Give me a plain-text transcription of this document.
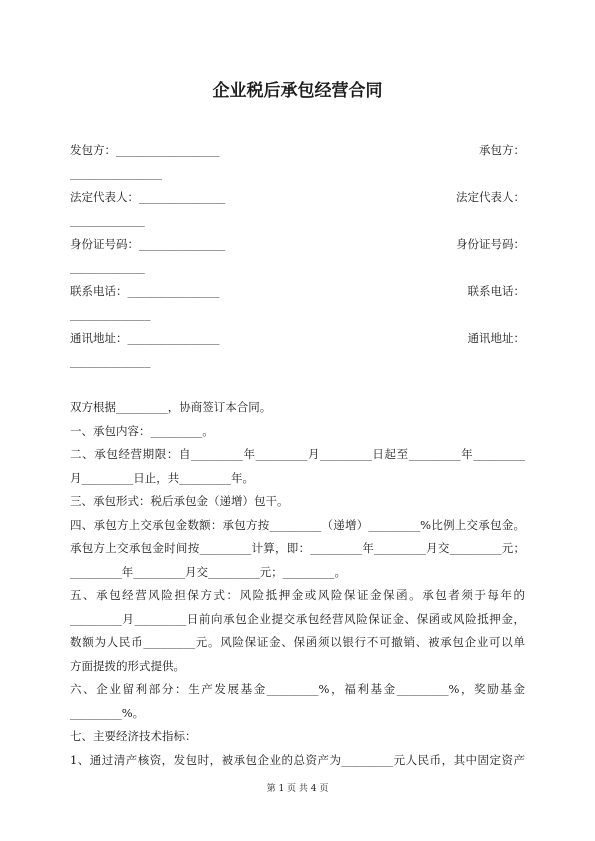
企业税后承包经营合同
发包方：__________________	承包方：
________________
法定代表人：_______________	法定代表人：
_____________
身份证号码：_______________	身份证号码：
_____________
联系电话：________________	联系电话：
______________
通讯地址：________________	通讯地址：
______________

双方根据_________，协商签订本合同。

一、承包内容：_________。

二、承包经营期限：自_________年_________月_________日起至_________年_________

月_________日止，共_________年。

三、承包形式：税后承包金（递增）包干。

四、承包方上交承包金数额：承包方按_________（递增）_________%比例上交承包金。

承包方上交承包金时间按_________计算，即：_________年_________月交_________元；

_________年_________月交_________元；_________。

五、承包经营风险担保方式：风险抵押金或风险保证金保函。承包者须于每年的

_________月_________日前向承包企业提交承包经营风险保证金、保函或风险抵押金，

数额为人民币_________元。风险保证金、保函须以银行不可撤销、被承包企业可以单

方面提拨的形式提供。

六、企业留利部分：生产发展基金_________%，福利基金_________%，奖励基金

_________%。

七、主要经济技术指标：

1、通过清产核资，发包时，被承包企业的总资产为_________元人民币，其中固定资产

第 1 页 共 4 页
